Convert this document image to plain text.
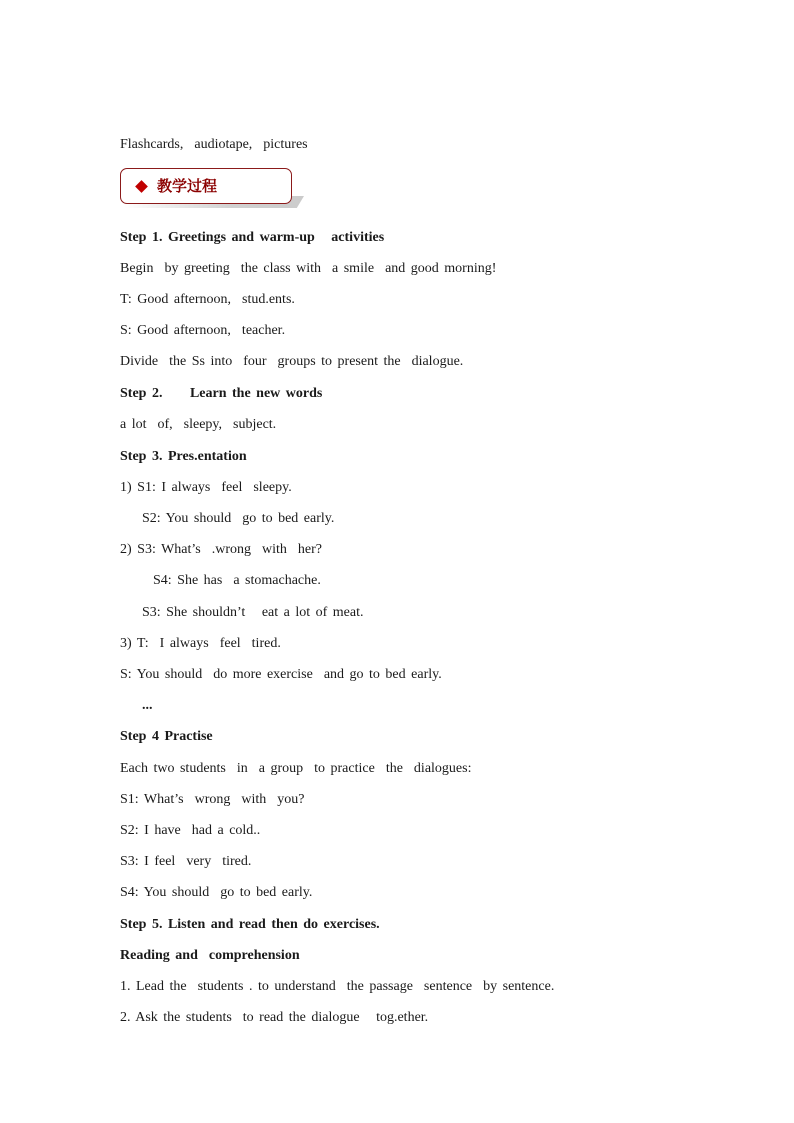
Flashcards,  audiotape,  pictures
教学过程
Step 1. Greetings and warm-up   activities
Begin  by greeting  the class with  a smile  and good morning!
T: Good afternoon,  stud.ents.
S: Good afternoon,  teacher.
Divide  the Ss into  four  groups to present the  dialogue.
Step 2.     Learn the new words
a lot  of,  sleepy,  subject.
Step 3. Pres.entation
1) S1: I always  feel  sleepy.
S2: You should  go to bed early.
2) S3: What’s  .wrong  with  her?
S4: She has  a stomachache.
S3: She shouldn’t   eat a lot of meat.
3) T:  I always  feel  tired.
S: You should  do more exercise  and go to bed early.
...
Step 4 Practise
Each two students  in  a group  to practice  the  dialogues:
S1: What’s  wrong  with  you?
S2: I have  had a cold..
S3: I feel  very  tired.
S4: You should  go to bed early.
Step 5. Listen and read then do exercises.
Reading and  comprehension
1. Lead the  students . to understand  the passage  sentence  by sentence.
2. Ask the students  to read the dialogue   tog.ether.
